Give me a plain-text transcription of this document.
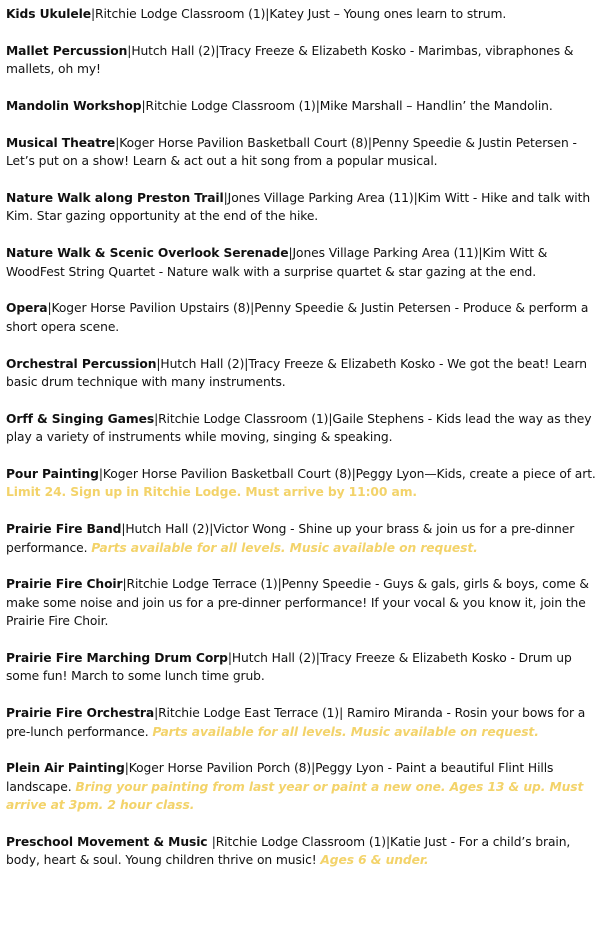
Kids Ukulele|Ritchie Lodge Classroom (1)|Katey Just – Young ones learn to strum.
Mallet Percussion|Hutch Hall (2)|Tracy Freeze & Elizabeth Kosko - Marimbas, vibraphones & mallets, oh my!
Mandolin Workshop|Ritchie Lodge Classroom (1)|Mike Marshall – Handlin’ the Mandolin.
Musical Theatre|Koger Horse Pavilion Basketball Court (8)|Penny Speedie & Justin Petersen - Let’s put on a show! Learn & act out a hit song from a popular musical.
Nature Walk along Preston Trail|Jones Village Parking Area (11)|Kim Witt - Hike and talk with Kim. Star gazing opportunity at the end of the hike.
Nature Walk & Scenic Overlook Serenade|Jones Village Parking Area (11)|Kim Witt & WoodFest String Quartet - Nature walk with a surprise quartet & star gazing at the end.
Opera|Koger Horse Pavilion Upstairs (8)|Penny Speedie & Justin Petersen - Produce & perform a short opera scene.
Orchestral Percussion|Hutch Hall (2)|Tracy Freeze & Elizabeth Kosko - We got the beat! Learn basic drum technique with many instruments.
Orff & Singing Games|Ritchie Lodge Classroom (1)|Gaile Stephens - Kids lead the way as they play a variety of instruments while moving, singing & speaking.
Pour Painting|Koger Horse Pavilion Basketball Court (8)|Peggy Lyon—Kids, create a piece of art. Limit 24. Sign up in Ritchie Lodge. Must arrive by 11:00 am.
Prairie Fire Band|Hutch Hall (2)|Victor Wong - Shine up your brass & join us for a pre-dinner performance. Parts available for all levels. Music available on request.
Prairie Fire Choir|Ritchie Lodge Terrace (1)|Penny Speedie - Guys & gals, girls & boys, come & make some noise and join us for a pre-dinner performance! If your vocal & you know it, join the Prairie Fire Choir.
Prairie Fire Marching Drum Corp|Hutch Hall (2)|Tracy Freeze & Elizabeth Kosko - Drum up some fun! March to some lunch time grub.
Prairie Fire Orchestra|Ritchie Lodge East Terrace (1)| Ramiro Miranda - Rosin your bows for a pre-lunch performance. Parts available for all levels. Music available on request.
Plein Air Painting|Koger Horse Pavilion Porch (8)|Peggy Lyon - Paint a beautiful Flint Hills landscape. Bring your painting from last year or paint a new one. Ages 13 & up. Must arrive at 3pm. 2 hour class.
Preschool Movement & Music |Ritchie Lodge Classroom (1)|Katie Just - For a child’s brain, body, heart & soul. Young children thrive on music! Ages 6 & under.
